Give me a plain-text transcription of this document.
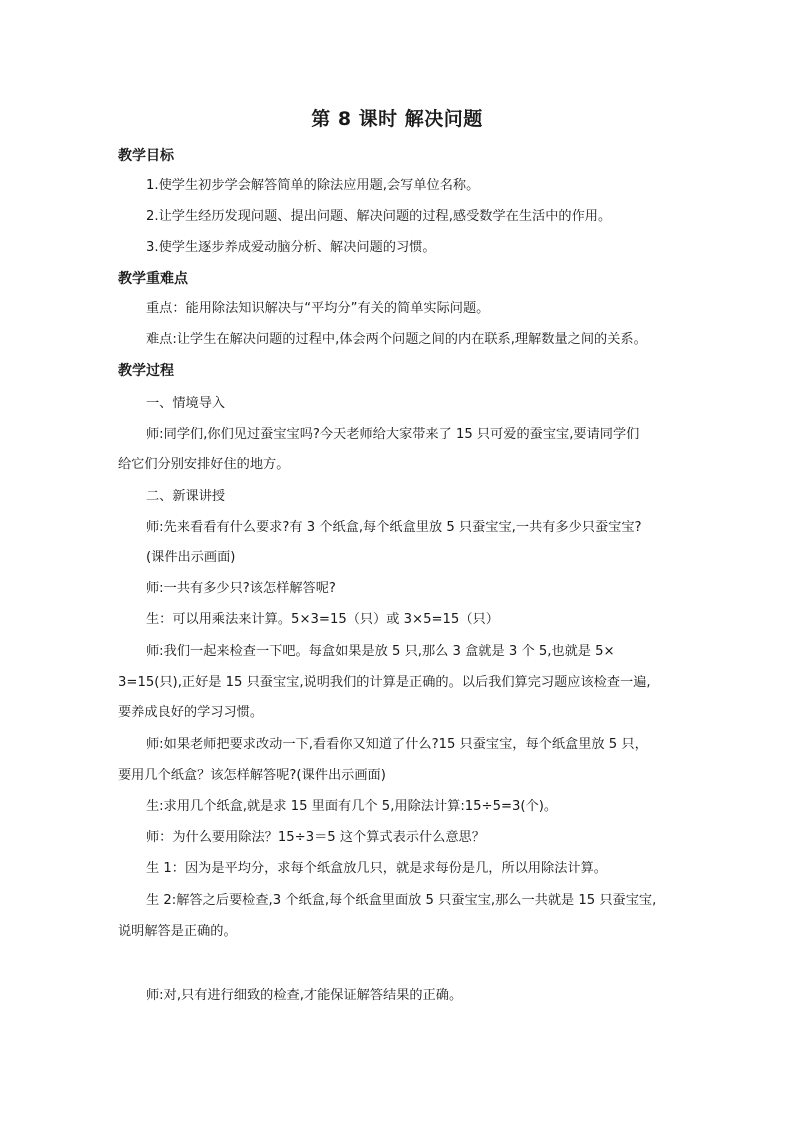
第 8 课时 解决问题
教学目标
1.使学生初步学会解答简单的除法应用题,会写单位名称。
2.让学生经历发现问题、提出问题、解决问题的过程,感受数学在生活中的作用。
3.使学生逐步养成爱动脑分析、解决问题的习惯。
教学重难点
重点：能用除法知识解决与“平均分”有关的简单实际问题。
难点:让学生在解决问题的过程中,体会两个问题之间的内在联系,理解数量之间的关系。
教学过程
一、情境导入
师:同学们,你们见过蚕宝宝吗?今天老师给大家带来了 15 只可爱的蚕宝宝,要请同学们
给它们分别安排好住的地方。
二、新课讲授
师:先来看看有什么要求?有 3 个纸盒,每个纸盒里放 5 只蚕宝宝,一共有多少只蚕宝宝?
(课件出示画面)
师:一共有多少只?该怎样解答呢?
生：可以用乘法来计算。5×3=15（只）或 3×5=15（只）
师:我们一起来检查一下吧。每盒如果是放 5 只,那么 3 盒就是 3 个 5,也就是 5×
3=15(只),正好是 15 只蚕宝宝,说明我们的计算是正确的。以后我们算完习题应该检查一遍,
要养成良好的学习习惯。
师:如果老师把要求改动一下,看看你又知道了什么?15 只蚕宝宝，每个纸盒里放 5 只，
要用几个纸盒？该怎样解答呢?(课件出示画面)
生:求用几个纸盒,就是求 15 里面有几个 5,用除法计算:15÷5=3(个)。
师：为什么要用除法？15÷3＝5 这个算式表示什么意思？
生 1：因为是平均分，求每个纸盒放几只，就是求每份是几，所以用除法计算。
生 2:解答之后要检查,3 个纸盒,每个纸盒里面放 5 只蚕宝宝,那么一共就是 15 只蚕宝宝,
说明解答是正确的。
师:对,只有进行细致的检查,才能保证解答结果的正确。
